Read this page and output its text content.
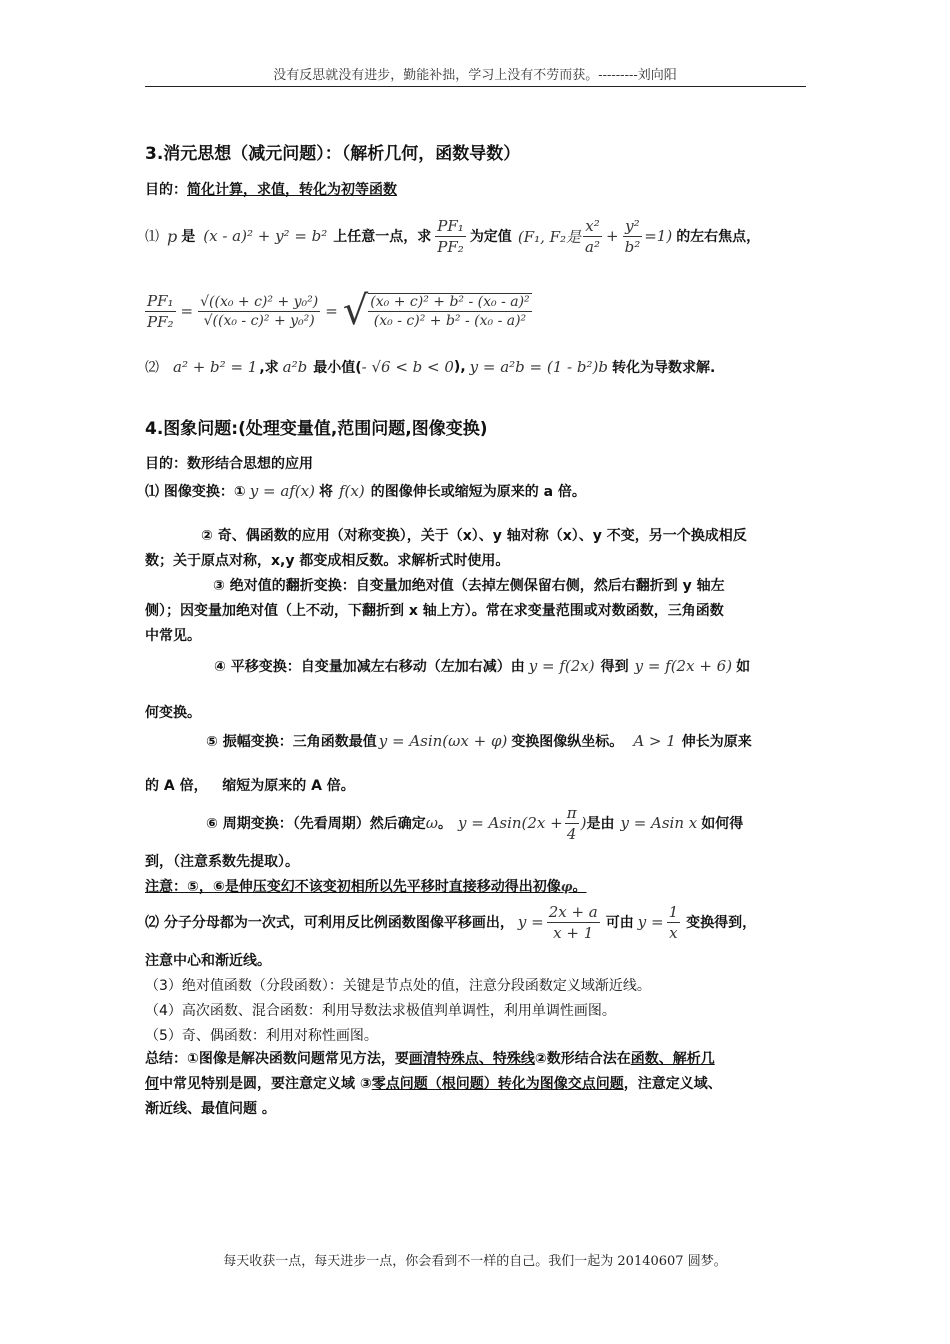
没有反思就没有进步，勤能补拙，学习上没有不劳而获。---------刘向阳
3.消元思想（减元问题）：（解析几何，函数导数）
目的：简化计算，求值，转化为初等函数
⑴ p 是 (x - a)² + y² = b² 上任意一点，求 $\frac{\text{PF₁}}{\text{PF₂}}$ 为定值 (F₁, F₂是 $\frac{\text{x²}}{\text{a²}} + \frac{\text{y²}}{\text{b²}} =1$) 的左右焦点，
$\frac{\text{PF₁}}{\text{PF₂}} = \frac{\text{√((x₀ + c)² + y₀²)}}{\text{√((x₀ - c)² + y₀²)}}$ = √ $\frac{\text{(x₀ + c)² + b² - (x₀ - a)²}}{\text{(x₀ - c)² + b² - (x₀ - a)²}}$
⑵ a² + b² = 1 ,求 a²b 最小值( - √6 < b < 0 ), y = a²b = (1 - b²)b 转化为导数求解.
4.图象问题:(处理变量值,范围问题,图像变换)
目的：数形结合思想的应用
⑴ 图像变换：① y = af(x) 将 f(x) 的图像伸长或缩短为原来的 a 倍。
② 奇、偶函数的应用（对称变换），关于（x）、y 轴对称（x）、y 不变，另一个换成相反
数；关于原点对称，x,y 都变成相反数。求解析式时使用。
③ 绝对值的翻折变换：自变量加绝对值（去掉左侧保留右侧，然后右翻折到 y 轴左
侧）；因变量加绝对值（上不动，下翻折到 x 轴上方）。常在求变量范围或对数函数，三角函数
中常见。
④ 平移变换：自变量加减左右移动（左加右减）由 y = f(2x) 得到 y = f(2x + 6) 如
何变换。
⑤ 振幅变换：三角函数最值 y = Asin(ωx + φ) 变换图像纵坐标。 A > 1 伸长为原来
的 A 倍，   缩短为原来的 A 倍。
⑥ 周期变换：（先看周期）然后确定 ω 。 $y = Asin(2x + \frac{\pi}{4}$ ) 是由 y = Asin x 如何得
到，（注意系数先提取）。
注意：⑤，⑥是伸压变幻不该变初相所以先平移时直接移动得出初像φ。
⑵ 分子分母都为一次式，可利用反比例函数图像平移画出， $y = \frac{2x + a}{x + 1}$ 可由 $y = \frac{1}{x}$ 变换得到，
注意中心和渐近线。
（3）绝对值函数（分段函数）：关键是节点处的值，注意分段函数定义域渐近线。
（4）高次函数、混合函数：利用导数法求极值判单调性，利用单调性画图。
（5）奇、偶函数：利用对称性画图。
总结：①图像是解决函数问题常见方法，要画清特殊点、特殊线②数形结合法在函数、解析几
何中常见特别是圆，要注意定义域 ③零点问题（根问题）转化为图像交点问题，注意定义域、
渐近线、最值问题 。
每天收获一点，每天进步一点，你会看到不一样的自己。我们一起为 20140607 圆梦。
